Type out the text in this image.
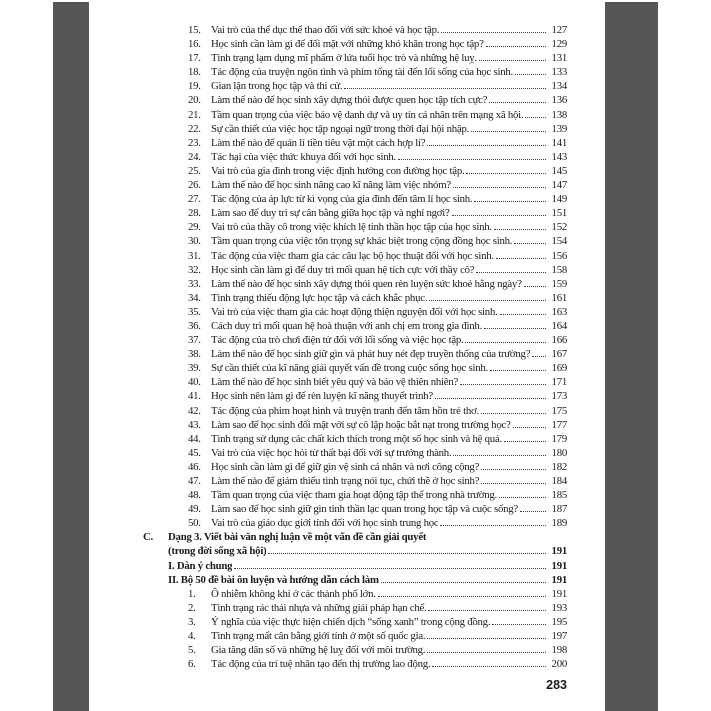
15. Vai trò của thể dục thể thao đối với sức khoẻ và học tập.	127
16. Học sinh cần làm gì để đối mặt với những khó khăn trong học tập?	129
17. Tình trạng lạm dụng mĩ phẩm ở lứa tuổi học trò và những hệ luỵ.	131
18. Tác động của truyện ngôn tình và phim tổng tài đến lối sống của học sinh.	133
19. Gian lận trong học tập và thi cử.	134
20. Làm thế nào để học sinh xây dựng thói được quen học tập tích cực?	136
21. Tầm quan trọng của việc bảo vệ danh dự và uy tín cá nhân trên mạng xã hội.	138
22. Sự cần thiết của việc học tập ngoại ngữ trong thời đại hội nhập.	139
23. Làm thế nào để quản lí tiền tiêu vặt một cách hợp lí?	141
24. Tác hại của việc thức khuya đối với học sinh.	143
25. Vai trò của gia đình trong việc định hướng con đường học tập.	145
26. Làm thế nào để học sinh nâng cao kĩ năng làm việc nhóm?	147
27. Tác động của áp lực từ kì vọng của gia đình đến tâm lí học sinh.	149
28. Làm sao để duy trì sự cân bằng giữa học tập và nghỉ ngơi?	151
29. Vai trò của thầy cô trong việc khích lệ tinh thần học tập của học sinh.	152
30. Tầm quan trọng của việc tôn trọng sự khác biệt trong cộng đồng học sinh.	154
31. Tác động của việc tham gia các câu lạc bộ học thuật đối với học sinh.	156
32. Học sinh cần làm gì để duy trì mối quan hệ tích cực với thầy cô?	158
33. Làm thế nào để học sinh xây dựng thói quen rèn luyện sức khoẻ hằng ngày?	159
34. Tình trạng thiếu động lực học tập và cách khắc phục.	161
35. Vai trò của việc tham gia các hoạt động thiện nguyện đối với học sinh.	163
36. Cách duy trì mối quan hệ hoà thuận với anh chị em trong gia đình.	164
37. Tác động của trò chơi điện tử đối với lối sống và việc học tập.	166
38. Làm thế nào để học sinh giữ gìn và phát huy nét đẹp truyền thống của trường?	167
39. Sự cần thiết của kĩ năng giải quyết vấn đề trong cuộc sống học sinh.	169
40. Làm thế nào để học sinh biết yêu quý và bảo vệ thiên nhiên?	171
41. Học sinh nên làm gì để rèn luyện kĩ năng thuyết trình?	173
42. Tác động của phim hoạt hình và truyện tranh đến tâm hồn trẻ thơ.	175
43. Làm sao để học sinh đối mặt với sự cô lập hoặc bắt nạt trong trường học?	177
44. Tình trạng sử dụng các chất kích thích trong một số học sinh và hệ quả.	179
45. Vai trò của việc học hỏi từ thất bại đối với sự trưởng thành.	180
46. Học sinh cần làm gì để giữ gìn vệ sinh cá nhân và nơi công cộng?	182
47. Làm thế nào để giảm thiểu tình trạng nói tục, chửi thề ở học sinh?	184
48. Tầm quan trọng của việc tham gia hoạt động tập thể trong nhà trường.	185
49. Làm sao để học sinh giữ gìn tinh thần lạc quan trong học tập và cuộc sống?	187
50. Vai trò của giáo dục giới tính đối với học sinh trung học	189
C.	Dạng 3. Viết bài văn nghị luận về một vấn đề cần giải quyết
(trong đời sống xã hội)	191
I. Dàn ý chung	191
II. Bộ 50 đề bài ôn luyện và hướng dẫn cách làm	191
1.	Ô nhiễm không khí ở các thành phố lớn.	191
2.	Tình trạng rác thải nhựa và những giải pháp hạn chế.	193
3.	Ý nghĩa của việc thực hiện chiến dịch “sống xanh” trong cộng đồng.	195
4.	Tình trạng mất cân bằng giới tính ở một số quốc gia.	197
5.	Gia tăng dân số và những hệ luỵ đối với môi trường.	198
6.	Tác động của trí tuệ nhân tạo đến thị trường lao động.	200
283
